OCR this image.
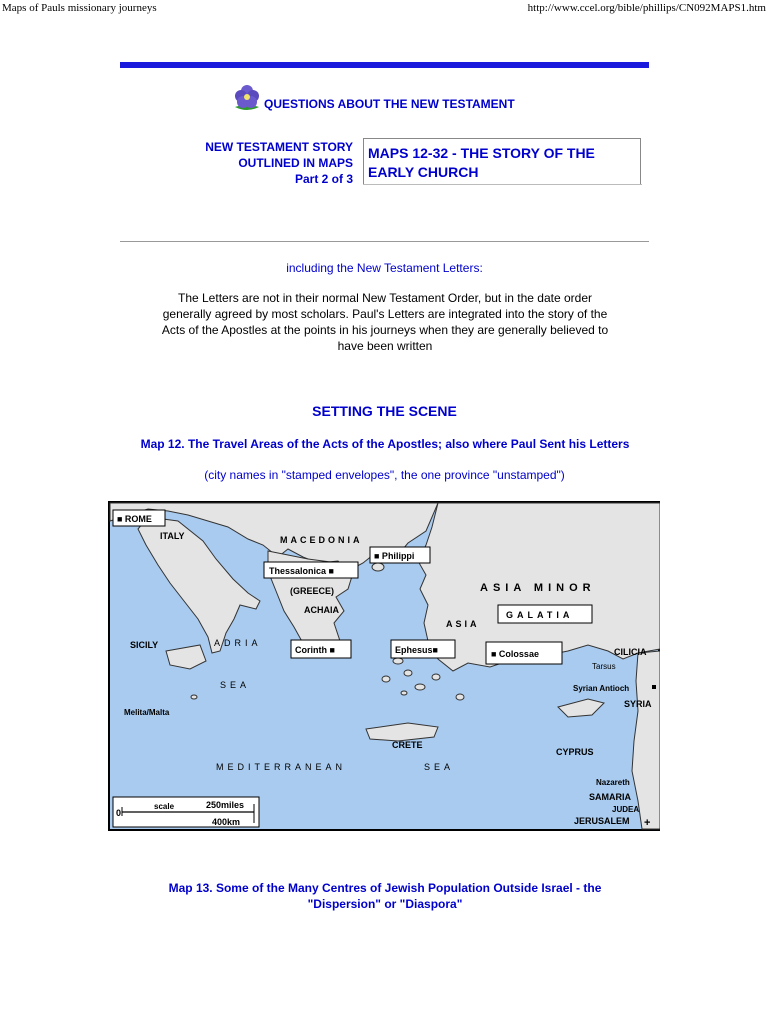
Maps of Pauls missionary journeys	http://www.ccel.org/bible/phillips/CN092MAPS1.htm
QUESTIONS ABOUT THE NEW TESTAMENT
NEW TESTAMENT STORY
OUTLINED IN MAPS
Part 2 of 3
MAPS 12-32 - THE STORY OF THE
EARLY CHURCH
including the New Testament Letters:
The Letters are not in their normal New Testament Order, but in the date order generally agreed by most scholars. Paul's Letters are integrated into the story of the Acts of the Apostles at the points in his journeys when they are generally believed to have been written
SETTING THE SCENE
Map 12. The Travel Areas of the Acts of the Apostles; also where Paul Sent his Letters
(city names in "stamped envelopes", the one province "unstamped")
■ ROME
ITALY	MACEDONIA
■ Philippi
Thessalonica ■
(GREECE)
ACHAIA
ASIA MINOR
GALATIA
ASIA
SICILY	ADRIA
Corinth ■	Ephesus■	■ Colossae	CILICIA
Tarsus
SEA	Syrian Antioch
SYRIA
Melita/Malta
CRETE
CYPRUS
MEDITERRANEAN	SEA
Nazareth
SAMARIA
JUDEA
JERUSALEM +
0
scale	250miles
400km
Map 13. Some of the Many Centres of Jewish Population Outside Israel - the "Dispersion" or "Diaspora"
